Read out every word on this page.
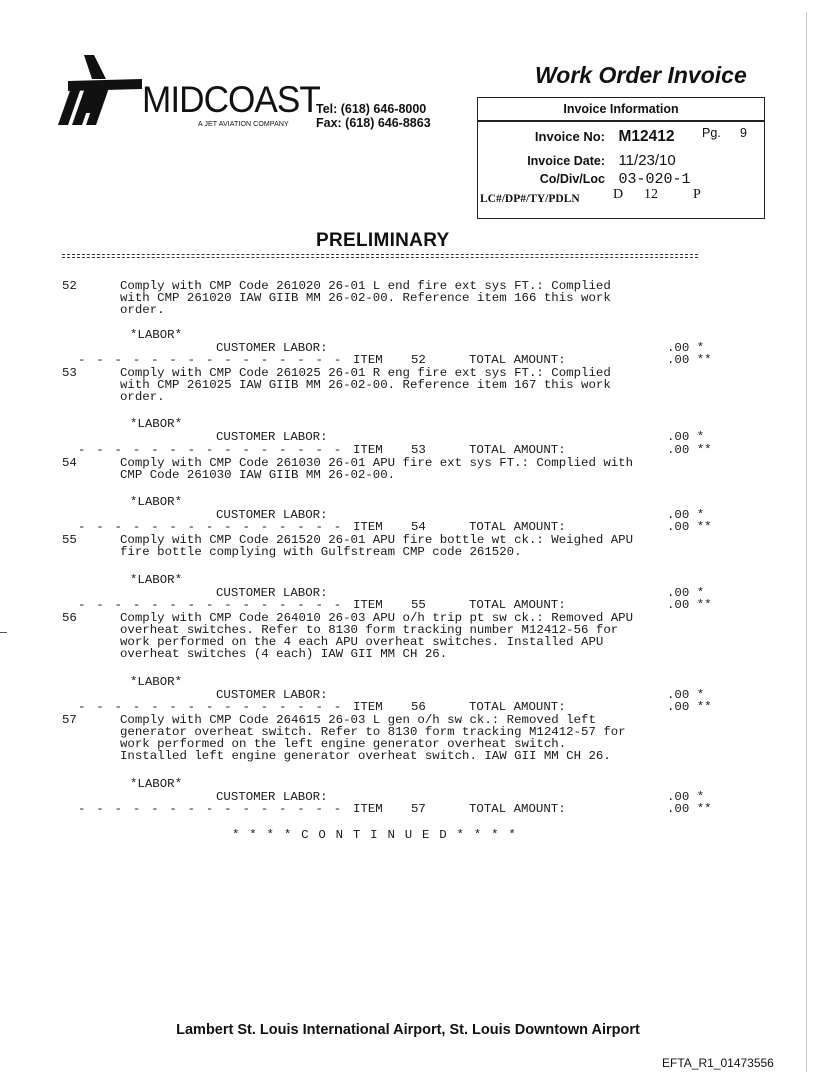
MIDCOAST
A JET AVIATION COMPANY
Tel: (618) 646-8000
Fax: (618) 646-8863
Work Order Invoice
Invoice Information
Invoice No: M12412 Pg. 9
Invoice Date: 11/23/10
Co/Div/Loc 03-020-1
LC#/DP#/TY/PDLN D 12	P
PRELIMINARY
52	Comply with CMP Code 261020 26-01 L end fire ext sys FT.: Complied
with CMP 261020 IAW GIIB MM 26-02-00. Reference item 166 this work
order.
*LABOR*
CUSTOMER LABOR:	.00 *
- - - - - - - - - - - - - - - ITEM 52	TOTAL AMOUNT:	.00 **
53	Comply with CMP Code 261025 26-01 R eng fire ext sys FT.: Complied
with CMP 261025 IAW GIIB MM 26-02-00. Reference item 167 this work
order.
*LABOR*
CUSTOMER LABOR:	.00 *
- - - - - - - - - - - - - - - ITEM 53	TOTAL AMOUNT:	.00 **
54	Comply with CMP Code 261030 26-01 APU fire ext sys FT.: Complied with
CMP Code 261030 IAW GIIB MM 26-02-00.
*LABOR*
CUSTOMER LABOR:	.00 *
- - - - - - - - - - - - - - - ITEM 54	TOTAL AMOUNT:	.00 **
55	Comply with CMP Code 261520 26-01 APU fire bottle wt ck.: Weighed APU
fire bottle complying with Gulfstream CMP code 261520.
*LABOR*
CUSTOMER LABOR:	.00 *
- - - - - - - - - - - - - - - ITEM 55	TOTAL AMOUNT:	.00 **
56	Comply with CMP Code 264010 26-03 APU o/h trip pt sw ck.: Removed APU
overheat switches. Refer to 8130 form tracking number M12412-56 for
work performed on the 4 each APU overheat switches. Installed APU
overheat switches (4 each) IAW GII MM CH 26.
*LABOR*
CUSTOMER LABOR:	.00 *
- - - - - - - - - - - - - - - ITEM 56	TOTAL AMOUNT:	.00 **
57	Comply with CMP Code 264615 26-03 L gen o/h sw ck.: Removed left
generator overheat switch. Refer to 8130 form tracking M12412-57 for
work performed on the left engine generator overheat switch.
Installed left engine generator overheat switch. IAW GII MM CH 26.
*LABOR*
CUSTOMER LABOR:	.00 *
- - - - - - - - - - - - - - - ITEM 57	TOTAL AMOUNT:	.00 **
* * * * C O N T I N U E D * * * *
Lambert St. Louis International Airport, St. Louis Downtown Airport
EFTA_R1_01473556
